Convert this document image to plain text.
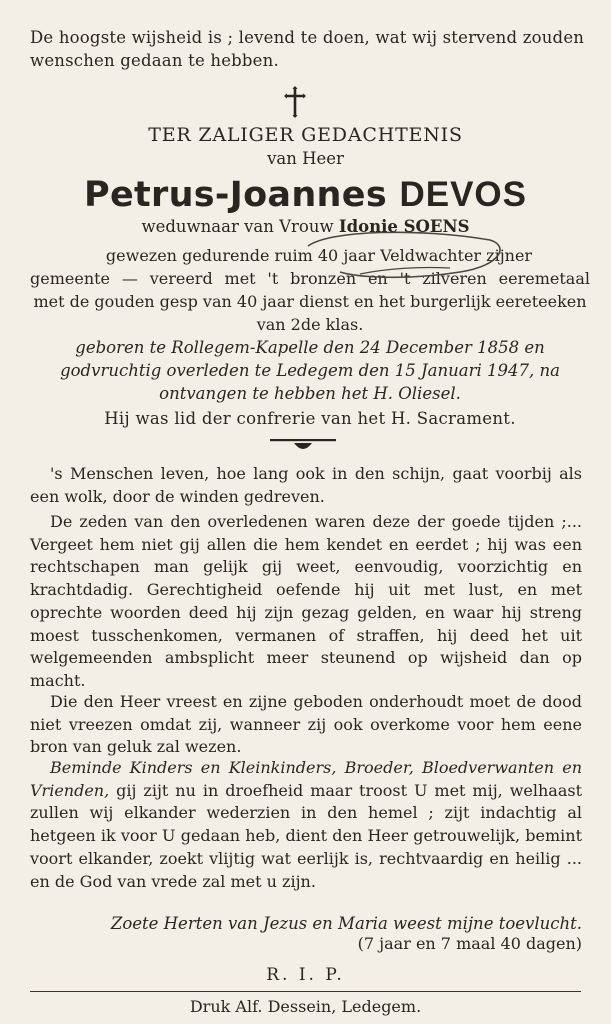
De hoogste wijsheid is ; levend te doen, wat wij stervend zouden wenschen gedaan te hebben.
TER ZALIGER GEDACHTENIS
van Heer
Petrus-Joannes DEVOS
weduwnaar van Vrouw Idonie SOENS
gewezen gedurende ruim 40 jaar Veldwachter zijner
gemeente — vereerd met 't bronzen en 't zilveren eeremetaal
met de gouden gesp van 40 jaar dienst en het burgerlijk eereteeken van 2de klas.
geboren te Rollegem-Kapelle den 24 December 1858 en godvruchtig overleden te Ledegem den 15 Januari 1947, na ontvangen te hebben het H. Oliesel.
Hij was lid der confrerie van het H. Sacrament.
's Menschen leven, hoe lang ook in den schijn, gaat voorbij als een wolk, door de winden gedreven.
De zeden van den overledenen waren deze der goede tijden ;... Vergeet hem niet gij allen die hem kendet en eerdet ; hij was een rechtschapen man gelijk gij weet, eenvoudig, voorzichtig en krachtdadig. Gerechtigheid oefende hij uit met lust, en met oprechte woorden deed hij zijn gezag gelden, en waar hij streng moest tusschenkomen, vermanen of straffen, hij deed het uit welgemeenden ambsplicht meer steunend op wijsheid dan op macht.
Die den Heer vreest en zijne geboden onderhoudt moet de dood niet vreezen omdat zij, wanneer zij ook overkome voor hem eene bron van geluk zal wezen.
Beminde Kinders en Kleinkinders, Broeder, Bloedverwanten en Vrienden, gij zijt nu in droefheid maar troost U met mij, welhaast zullen wij elkander wederzien in den hemel ; zijt indachtig al hetgeen ik voor U gedaan heb, dient den Heer getrouwelijk, bemint voort elkander, zoekt vlijtig wat eerlijk is, rechtvaardig en heilig ... en de God van vrede zal met u zijn.
Zoete Herten van Jezus en Maria weest mijne toevlucht.
(7 jaar en 7 maal 40 dagen)
R. I. P.
Druk Alf. Dessein, Ledegem.
